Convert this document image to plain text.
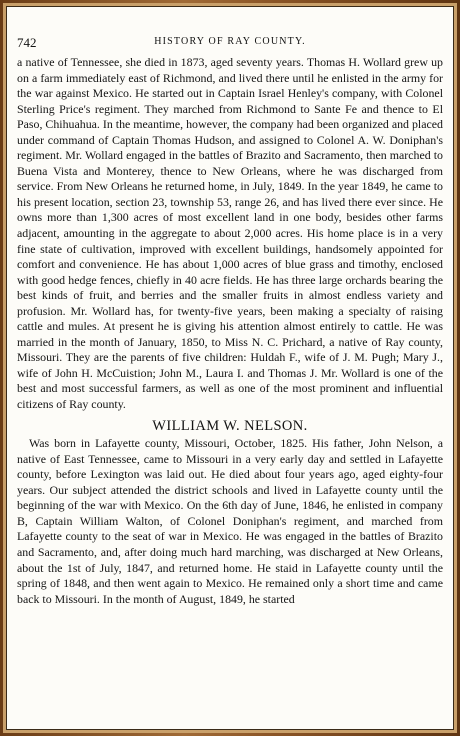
742	HISTORY OF RAY COUNTY.

a native of Tennessee, she died in 1873, aged seventy years. Thomas H. Wollard grew up on a farm immediately east of Richmond, and lived there until he enlisted in the army for the war against Mexico. He started out in Captain Israel Henley's company, with Colonel Sterling Price's regiment. They marched from Richmond to Sante Fe and thence to El Paso, Chihuahua. In the meantime, however, the company had been organized and placed under command of Captain Thomas Hudson, and assigned to Colonel A. W. Doniphan's regiment. Mr. Wollard engaged in the battles of Brazito and Sacramento, then marched to Buena Vista and Monterey, thence to New Orleans, where he was discharged from service. From New Orleans he returned home, in July, 1849. In the year 1849, he came to his present location, section 23, township 53, range 26, and has lived there ever since. He owns more than 1,300 acres of most excellent land in one body, besides other farms adjacent, amounting in the aggregate to about 2,000 acres. His home place is in a very fine state of cultivation, improved with excellent buildings, handsomely appointed for comfort and convenience. He has about 1,000 acres of blue grass and timothy, enclosed with good hedge fences, chiefly in 40 acre fields. He has three large orchards bearing the best kinds of fruit, and berries and the smaller fruits in almost endless variety and profusion. Mr. Wollard has, for twenty-five years, been making a specialty of raising cattle and mules. At present he is giving his attention almost entirely to cattle. He was married in the month of January, 1850, to Miss N. C. Prichard, a native of Ray county, Missouri. They are the parents of five children: Huldah F., wife of J. M. Pugh; Mary J., wife of John H. McCuistion; John M., Laura I. and Thomas J. Mr. Wollard is one of the best and most successful farmers, as well as one of the most prominent and influential citizens of Ray county.

WILLIAM W. NELSON.

Was born in Lafayette county, Missouri, October, 1825. His father, John Nelson, a native of East Tennessee, came to Missouri in a very early day and settled in Lafayette county, before Lexington was laid out. He died about four years ago, aged eighty-four years. Our subject attended the district schools and lived in Lafayette county until the beginning of the war with Mexico. On the 6th day of June, 1846, he enlisted in company B, Captain William Walton, of Colonel Doniphan's regiment, and marched from Lafayette county to the seat of war in Mexico. He was engaged in the battles of Brazito and Sacramento, and, after doing much hard marching, was discharged at New Orleans, about the 1st of July, 1847, and returned home. He staid in Lafayette county until the spring of 1848, and then went again to Mexico. He remained only a short time and came back to Missouri. In the month of August, 1849, he started
